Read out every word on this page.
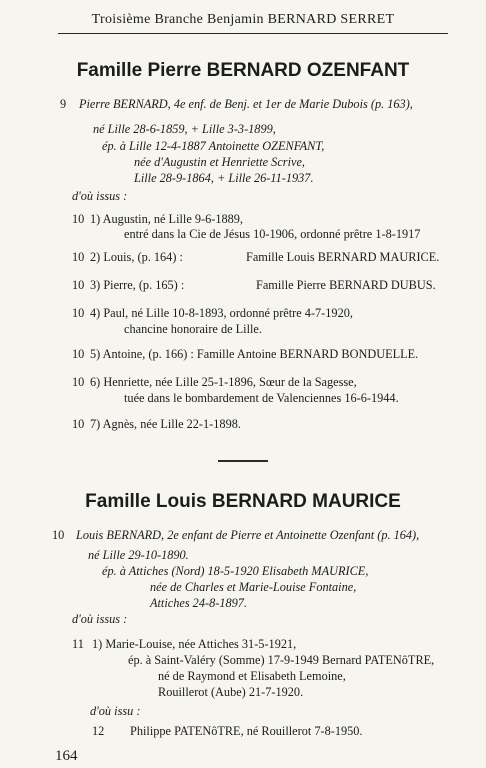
Troisième Branche Benjamin BERNARD SERRET
Famille Pierre BERNARD OZENFANT
9 Pierre BERNARD, 4e enf. de Benj. et 1er de Marie Dubois (p. 163),
né Lille 28-6-1859, + Lille 3-3-1899,
ép. à Lille 12-4-1887 Antoinette OZENFANT,
née d'Augustin et Henriette Scrive,
Lille 28-9-1864, + Lille 26-11-1937.
d'où issus :
10 1) Augustin, né Lille 9-6-1889,
entré dans la Cie de Jésus 10-1906, ordonné prêtre 1-8-1917
10 2) Louis, (p. 164) :	Famille Louis BERNARD MAURICE.
10 3) Pierre, (p. 165) :	Famille Pierre BERNARD DUBUS.
10 4) Paul, né Lille 10-8-1893, ordonné prêtre 4-7-1920,
chancine honoraire de Lille.
10 5) Antoine, (p. 166) : Famille Antoine BERNARD BONDUELLE.
10 6) Henriette, née Lille 25-1-1896, Sœur de la Sagesse,
tuée dans le bombardement de Valenciennes 16-6-1944.
10 7) Agnès, née Lille 22-1-1898.
Famille Louis BERNARD MAURICE
10 Louis BERNARD, 2e enfant de Pierre et Antoinette Ozenfant (p. 164),
né Lille 29-10-1890.
ép. à Attiches (Nord) 18-5-1920 Elisabeth MAURICE,
née de Charles et Marie-Louise Fontaine,
Attiches 24-8-1897.
d'où issus :
11 1) Marie-Louise, née Attiches 31-5-1921,
ép. à Saint-Valéry (Somme) 17-9-1949 Bernard PATENôTRE,
né de Raymond et Elisabeth Lemoine,
Rouillerot (Aube) 21-7-1920.
d'où issu :
12 Philippe PATENôTRE, né Rouillerot 7-8-1950.
164
